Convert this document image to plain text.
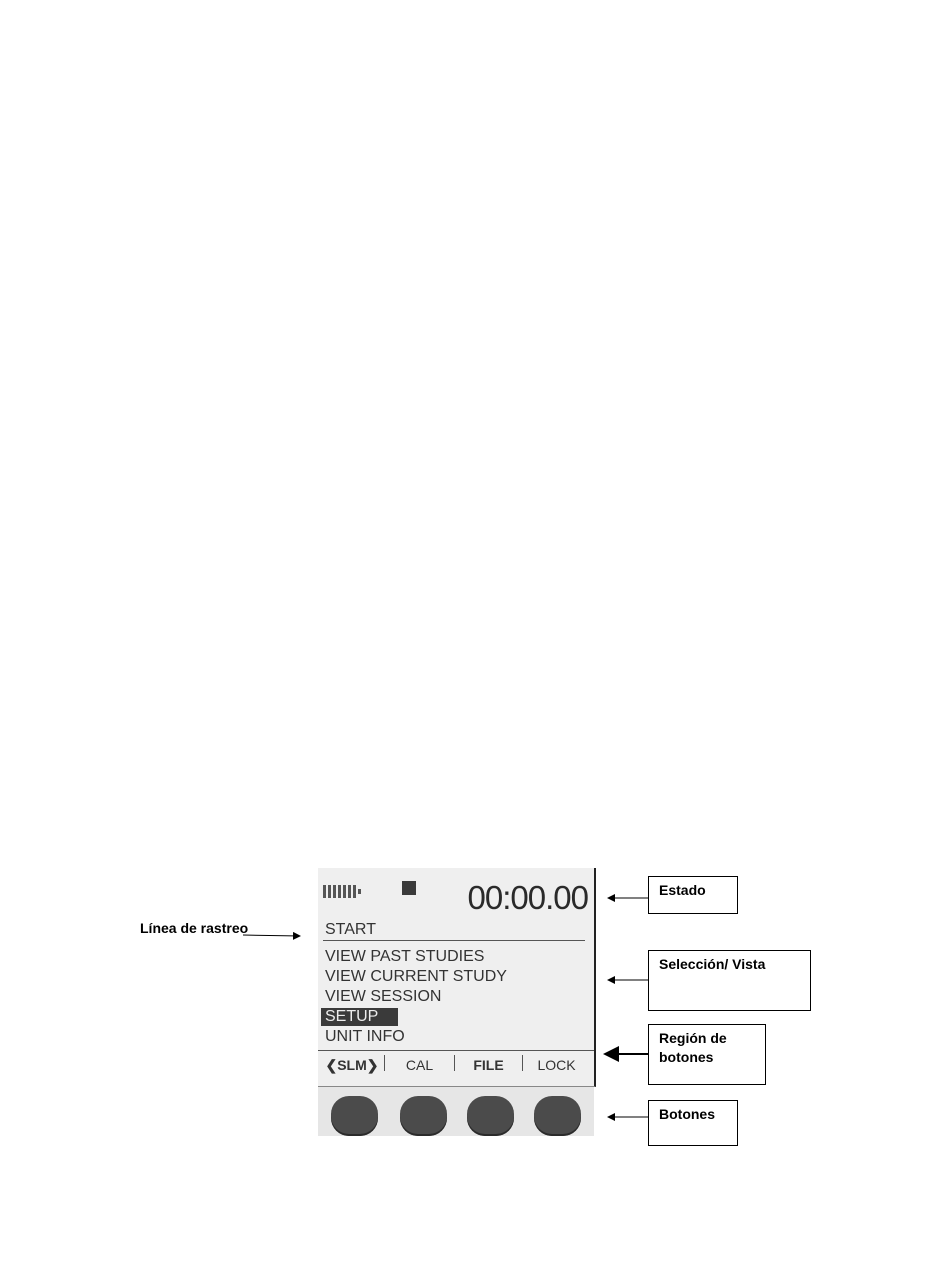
00:00.00
START
VIEW PAST STUDIES
VIEW CURRENT STUDY
VIEW SESSION
SETUP
UNIT INFO
❮SLM❯	CAL	FILE	LOCK
Línea de rastreo
Estado
Selección/ Vista
Región de botones
Botones
